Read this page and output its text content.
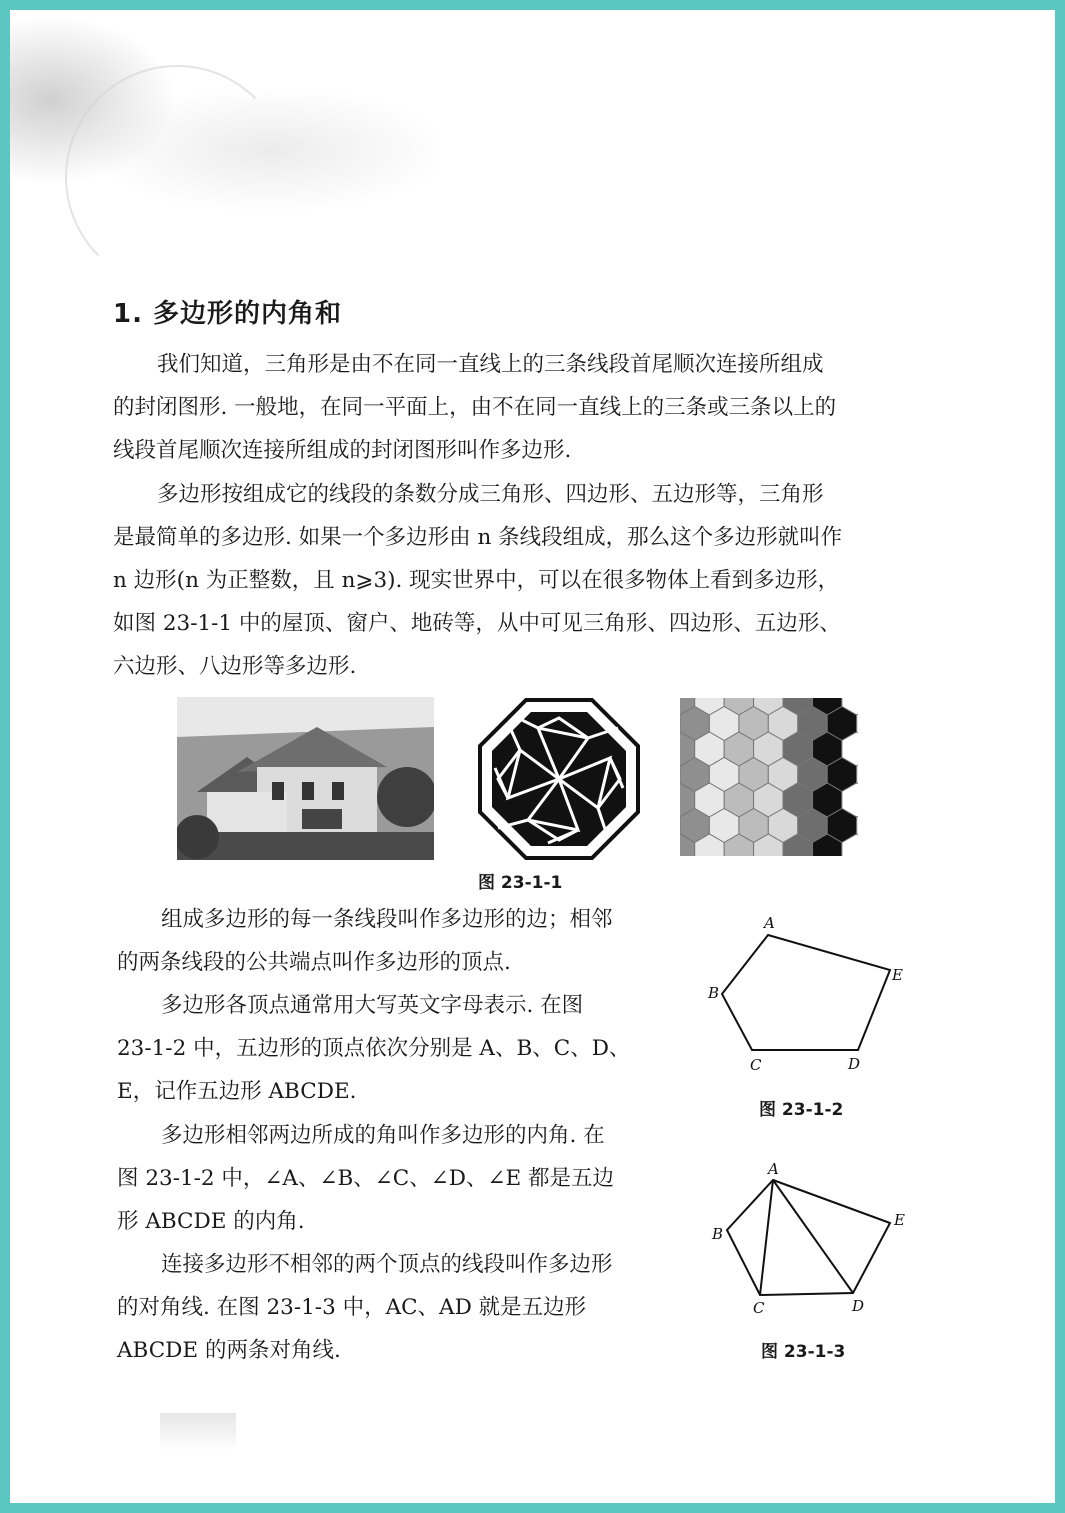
1. 多边形的内角和
我们知道，三角形是由不在同一直线上的三条线段首尾顺次连接所组成
的封闭图形. 一般地，在同一平面上，由不在同一直线上的三条或三条以上的
线段首尾顺次连接所组成的封闭图形叫作多边形.
多边形按组成它的线段的条数分成三角形、四边形、五边形等，三角形
是最简单的多边形. 如果一个多边形由 n 条线段组成，那么这个多边形就叫作
n 边形(n 为正整数，且 n⩾3). 现实世界中，可以在很多物体上看到多边形，
如图 23-1-1 中的屋顶、窗户、地砖等，从中可见三角形、四边形、五边形、
六边形、八边形等多边形.
图 23-1-1
组成多边形的每一条线段叫作多边形的边；相邻
的两条线段的公共端点叫作多边形的顶点.
多边形各顶点通常用大写英文字母表示. 在图
23-1-2 中，五边形的顶点依次分别是 A、B、C、D、
E，记作五边形 ABCDE.
多边形相邻两边所成的角叫作多边形的内角. 在
图 23-1-2 中，∠A、∠B、∠C、∠D、∠E 都是五边
形 ABCDE 的内角.
连接多边形不相邻的两个顶点的线段叫作多边形
的对角线. 在图 23-1-3 中，AC、AD 就是五边形
ABCDE 的两条对角线.
A
E
B
C	D
图 23-1-2
A
E
B
C	D
图 23-1-3
